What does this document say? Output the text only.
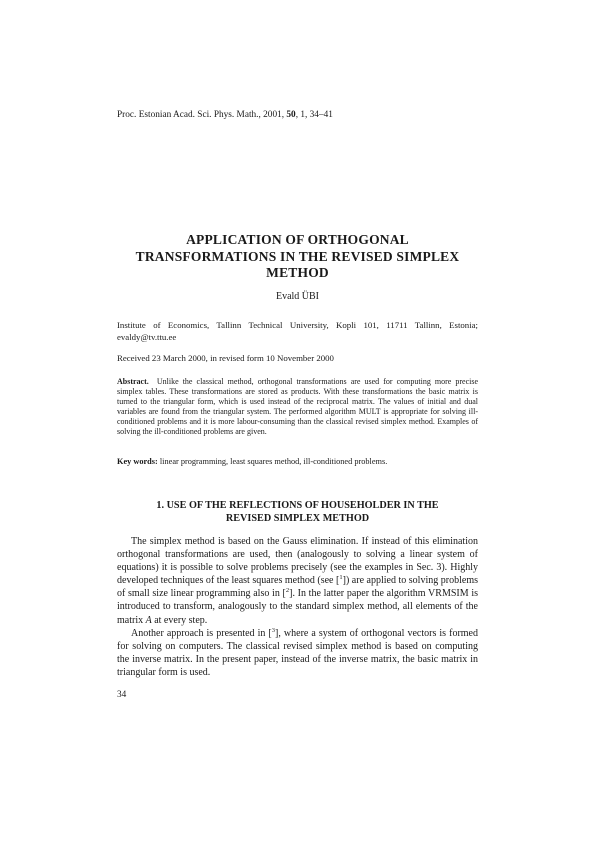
Proc. Estonian Acad. Sci. Phys. Math., 2001, 50, 1, 34–41
APPLICATION OF ORTHOGONAL
TRANSFORMATIONS IN THE REVISED SIMPLEX
METHOD
Evald ÜBI
Institute of Economics, Tallinn Technical University, Kopli 101, 11711 Tallinn, Estonia; evaldy@tv.ttu.ee
Received 23 March 2000, in revised form 10 November 2000
Abstract. Unlike the classical method, orthogonal transformations are used for computing more precise simplex tables. These transformations are stored as products. With these transformations the basic matrix is turned to the triangular form, which is used instead of the reciprocal matrix. The values of initial and dual variables are found from the triangular system. The performed algorithm MULT is appropriate for solving ill-conditioned problems and it is more labour-consuming than the classical revised simplex method. Examples of solving the ill-conditioned problems are given.
Key words: linear programming, least squares method, ill-conditioned problems.
1. USE OF THE REFLECTIONS OF HOUSEHOLDER IN THE
REVISED SIMPLEX METHOD

The simplex method is based on the Gauss elimination. If instead of this elimination orthogonal transformations are used, then (analogously to solving a linear system of equations) it is possible to solve problems precisely (see the examples in Sec. 3). Highly developed techniques of the least squares method (see [$^1$]) are applied to solving problems of small size linear programming also in [$^2$]. In the latter paper the algorithm VRMSIM is introduced to transform, analogously to the standard simplex method, all elements of the matrix A at every step.

Another approach is presented in [$^3$], where a system of orthogonal vectors is formed for solving on computers. The classical revised simplex method is based on computing the inverse matrix. In the present paper, instead of the inverse matrix, the basic matrix in triangular form is used.

34
